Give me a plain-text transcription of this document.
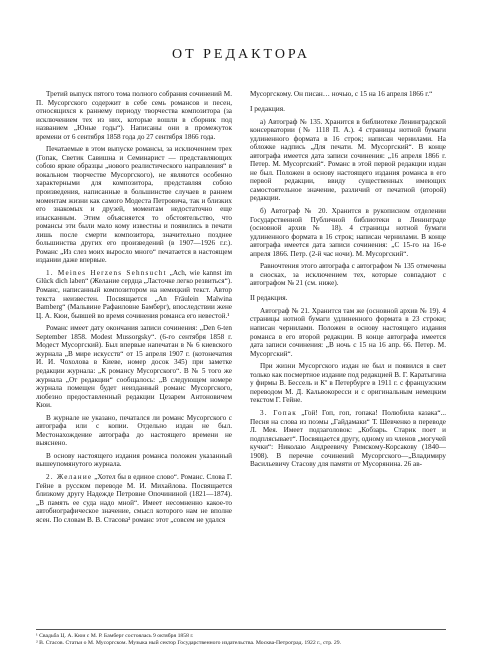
ОТ РЕДАКТОРА

Третий выпуск пятого тома полного собрания сочинений М. П. Мусоргского содержит в себе семь романсов и песен, относящихся к раннему периоду творчества композитора (за исключением тех из них, которые вошли в сборник под названием „Юные годы“). Написаны они в промежуток времени от 6 сентября 1858 года до 27 сентября 1866 года.

Печатаемые в этом выпуске романсы, за исключением трех (Гопак, Светик Савишна и Семинарист — представляющих собою яркие образцы „нового реалистического направления“ в вокальном творчестве Мусоргского), не являются особенно характерными для композитора, представляя собою произведения, написанные в большинстве случаев в раннем моментам жизни как самого Модеста Петровича, так и близких его знакомых и друзей, моментам недостаточно еще изысканным. Этим объясняется то обстоятельство, что романсы эти были мало кому известны и появились в печати лишь после смерти композитора, значительно позднее большинства других его произведений (в 1907—1926 г.г.). Романс „Из слез моих выросло много“ печатается в настоящем издании даже впервые.

1. Meines Herzens Sehnsucht „Ach, wie kannst im Glück dich laben“ (Желание сердца „Ласточке легко резвиться“). Романс, написанный композитором на немецкий текст. Автор текста неизвестен. Посвящается „An Fräulein Malwina Bamberg“ (Мальвине Рафаиловне Бамберг), впоследствии жене Ц. А. Кюи, бывшей во время сочинения романса его невестой.¹

Романс имеет дату окончания записи сочинения: „Den 6-ten September 1858. Modest Mussorgsky“. (6-го сентября 1858 г. Модест Мусоргский). Был впервые напечатан в № 6 киевского журнала „В мире искусств“ от 15 апреля 1907 г. (котонечатия И. И. Чохолова в Киеве, номер досок 345) при заметке редакции журнала: „К романсу Мусоргского“. В № 5 того же журнала „От редакции“ сообщалось: „В следующем номере журнала помещен будет неизданный романс Мусоргского, любезно предоставленный редакции Цезарем Антоновичем Кюи.

В журнале не указано, печатался ли романс Мусоргского с автографа или с копии. Отдельно издан не был. Местонахождение автографа до настоящего времени не выяснено.

В основу настоящего издания романса положен указанный вышеупомянутого журнала.

2. Желание „Хотел бы в единое слово“. Романс. Слова Г. Гейне в русском переводе М. И. Михайлова. Посвящается близкому другу Надежде Петровне Опочининой (1821—1874). „В память ее суда надо мной“. Имеет несомненно какое-то автобиографическое значение, смысл которого нам не вполне ясен. По словам В. В. Стасова² романс этот „совсем не удался

Мусоргскому. Он писан… ночью, с 15 на 16 апреля 1866 г.“

I редакция.

а) Автограф № 135. Хранится в библиотеке Ленинградской консерватории (№ 1118 П. А.). 4 страницы нотной бумаги удлиненного формата в 16 строк; написан чернилами. На обложке надпись „Для печати. М. Мусоргский“. В конце автографа имеется дата записи сочинения: „16 апреля 1866 г. Петер. М. Мусоргский“. Романс в этой первой редакции издан не был. Положен в основу настоящего издания романса в его первой редакции, ввиду существенных имеющих самостоятельное значение, различий от печатной (второй) редакции.

б) Автограф № 20. Хранится в рукописном отделении Государственной Публичной библиотеки в Ленинграде (основной архив № 18). 4 страницы нотной бумаги удлиненного формата в 16 строк; написан чернилами. В конце автографа имеется дата записи сочинения: „С 15-го на 16-е апреля 1866. Петр. (2-й час ночи). М. Мусоргский“.

Равночтения этого автографа с автографом № 135 отмечены в сносках, за исключением тех, которые совпадают с автографом № 21 (см. ниже).

II редакция.

Автограф № 21. Хранится там же (основной архив № 19). 4 страницы нотной бумаги удлиненного формата в 23 строки; написан чернилами. Положен в основу настоящего издания романса в его второй редакции. В конце автографа имеется дата записи сочинения: „В ночь с 15 на 16 апр. 66. Петер. М. Мусоргский“.

При жизни Мусоргского издан не был и появился в свет только как посмертное издание под редакцией В. Г. Каратыгина у фирмы В. Бессель и Кº в Петербурге в 1911 г. с французским переводом М. Д. Кальвокоресси и с оригинальным немецким текстом Г. Гейне.

3. Гопак „Гой! Гоп, гоп, гопака! Полюбила казака“... Песня на слова из поэмы „Гайдамаки“ Т. Шевченко в переводе Л. Мея. Имеет подзаголовок: „Кобзарь. Старик поет и подплясывает“. Посвящается другу, одному из членов „могучей кучки“: Николаю Андреевичу Римскому-Корсакову (1840—1908). В перечне сочинений Мусоргского—„Владимиру Васильевичу Стасову для памяти от Мусорянина. 26 ав-

¹ Свадьба Ц. А. Кюи с М. Р. Бамберг состоялась 9 октября 1858 г.

² В. Стасов. Статьи о М. Мусоргском. Музыка ный сектор Государственного издательства. Москва-Петроград. 1922 г., стр. 29.
